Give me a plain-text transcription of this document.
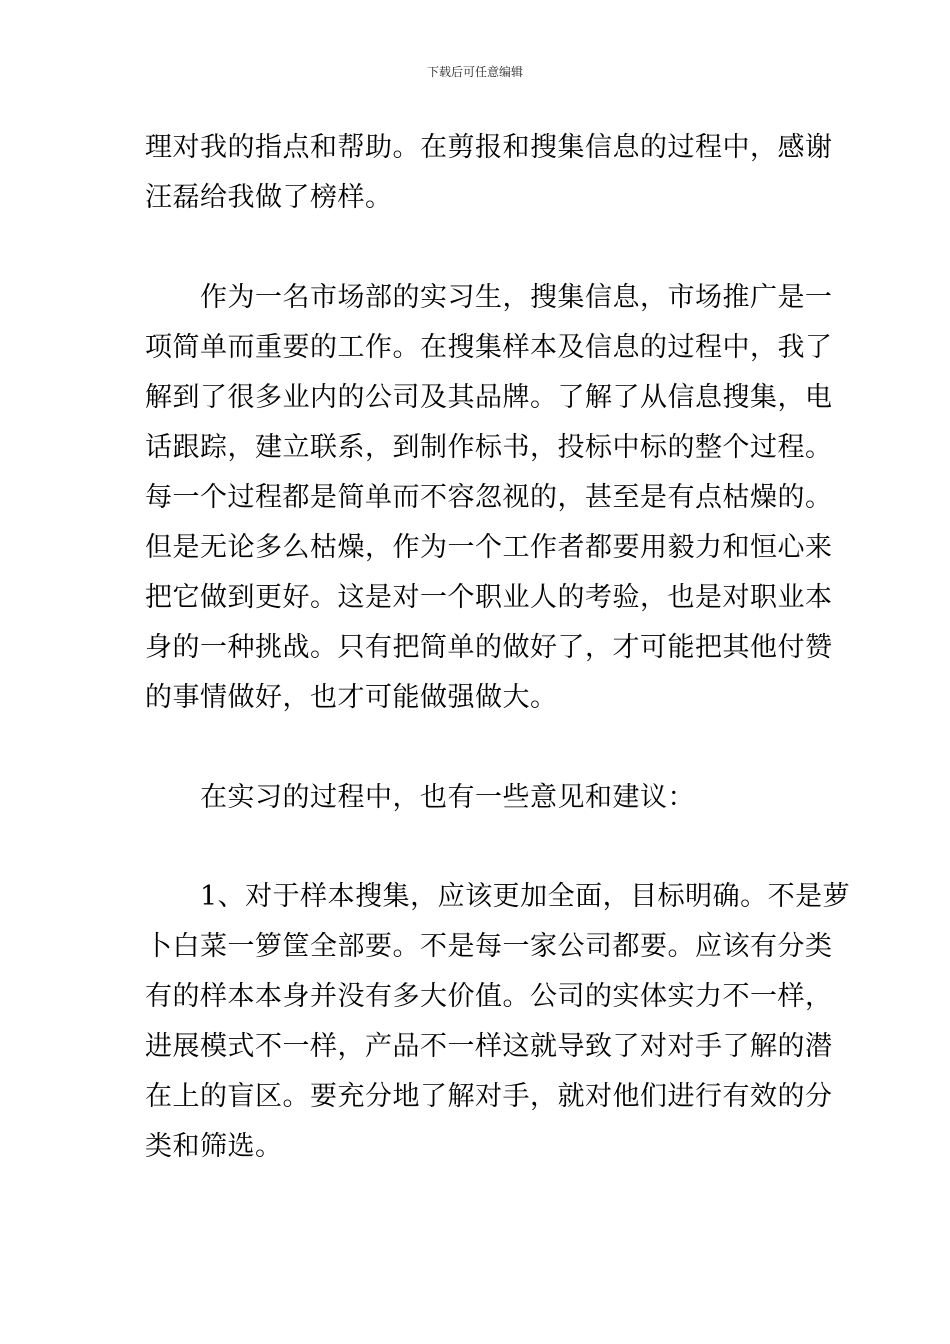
下载后可任意编辑

理对我的指点和帮助。在剪报和搜集信息的过程中，感谢

汪磊给我做了榜样。

　　作为一名市场部的实习生，搜集信息，市场推广是一

项简单而重要的工作。在搜集样本及信息的过程中，我了

解到了很多业内的公司及其品牌。了解了从信息搜集，电

话跟踪，建立联系，到制作标书，投标中标的整个过程。

每一个过程都是简单而不容忽视的，甚至是有点枯燥的。

但是无论多么枯燥，作为一个工作者都要用毅力和恒心来

把它做到更好。这是对一个职业人的考验，也是对职业本

身的一种挑战。只有把简单的做好了，才可能把其他付赞

的事情做好，也才可能做强做大。

　　在实习的过程中，也有一些意见和建议：

　　1、对于样本搜集，应该更加全面，目标明确。不是萝

卜白菜一箩筐全部要。不是每一家公司都要。应该有分类

有的样本本身并没有多大价值。公司的实体实力不一样，

进展模式不一样，产品不一样这就导致了对对手了解的潜

在上的盲区。要充分地了解对手，就对他们进行有效的分

类和筛选。
